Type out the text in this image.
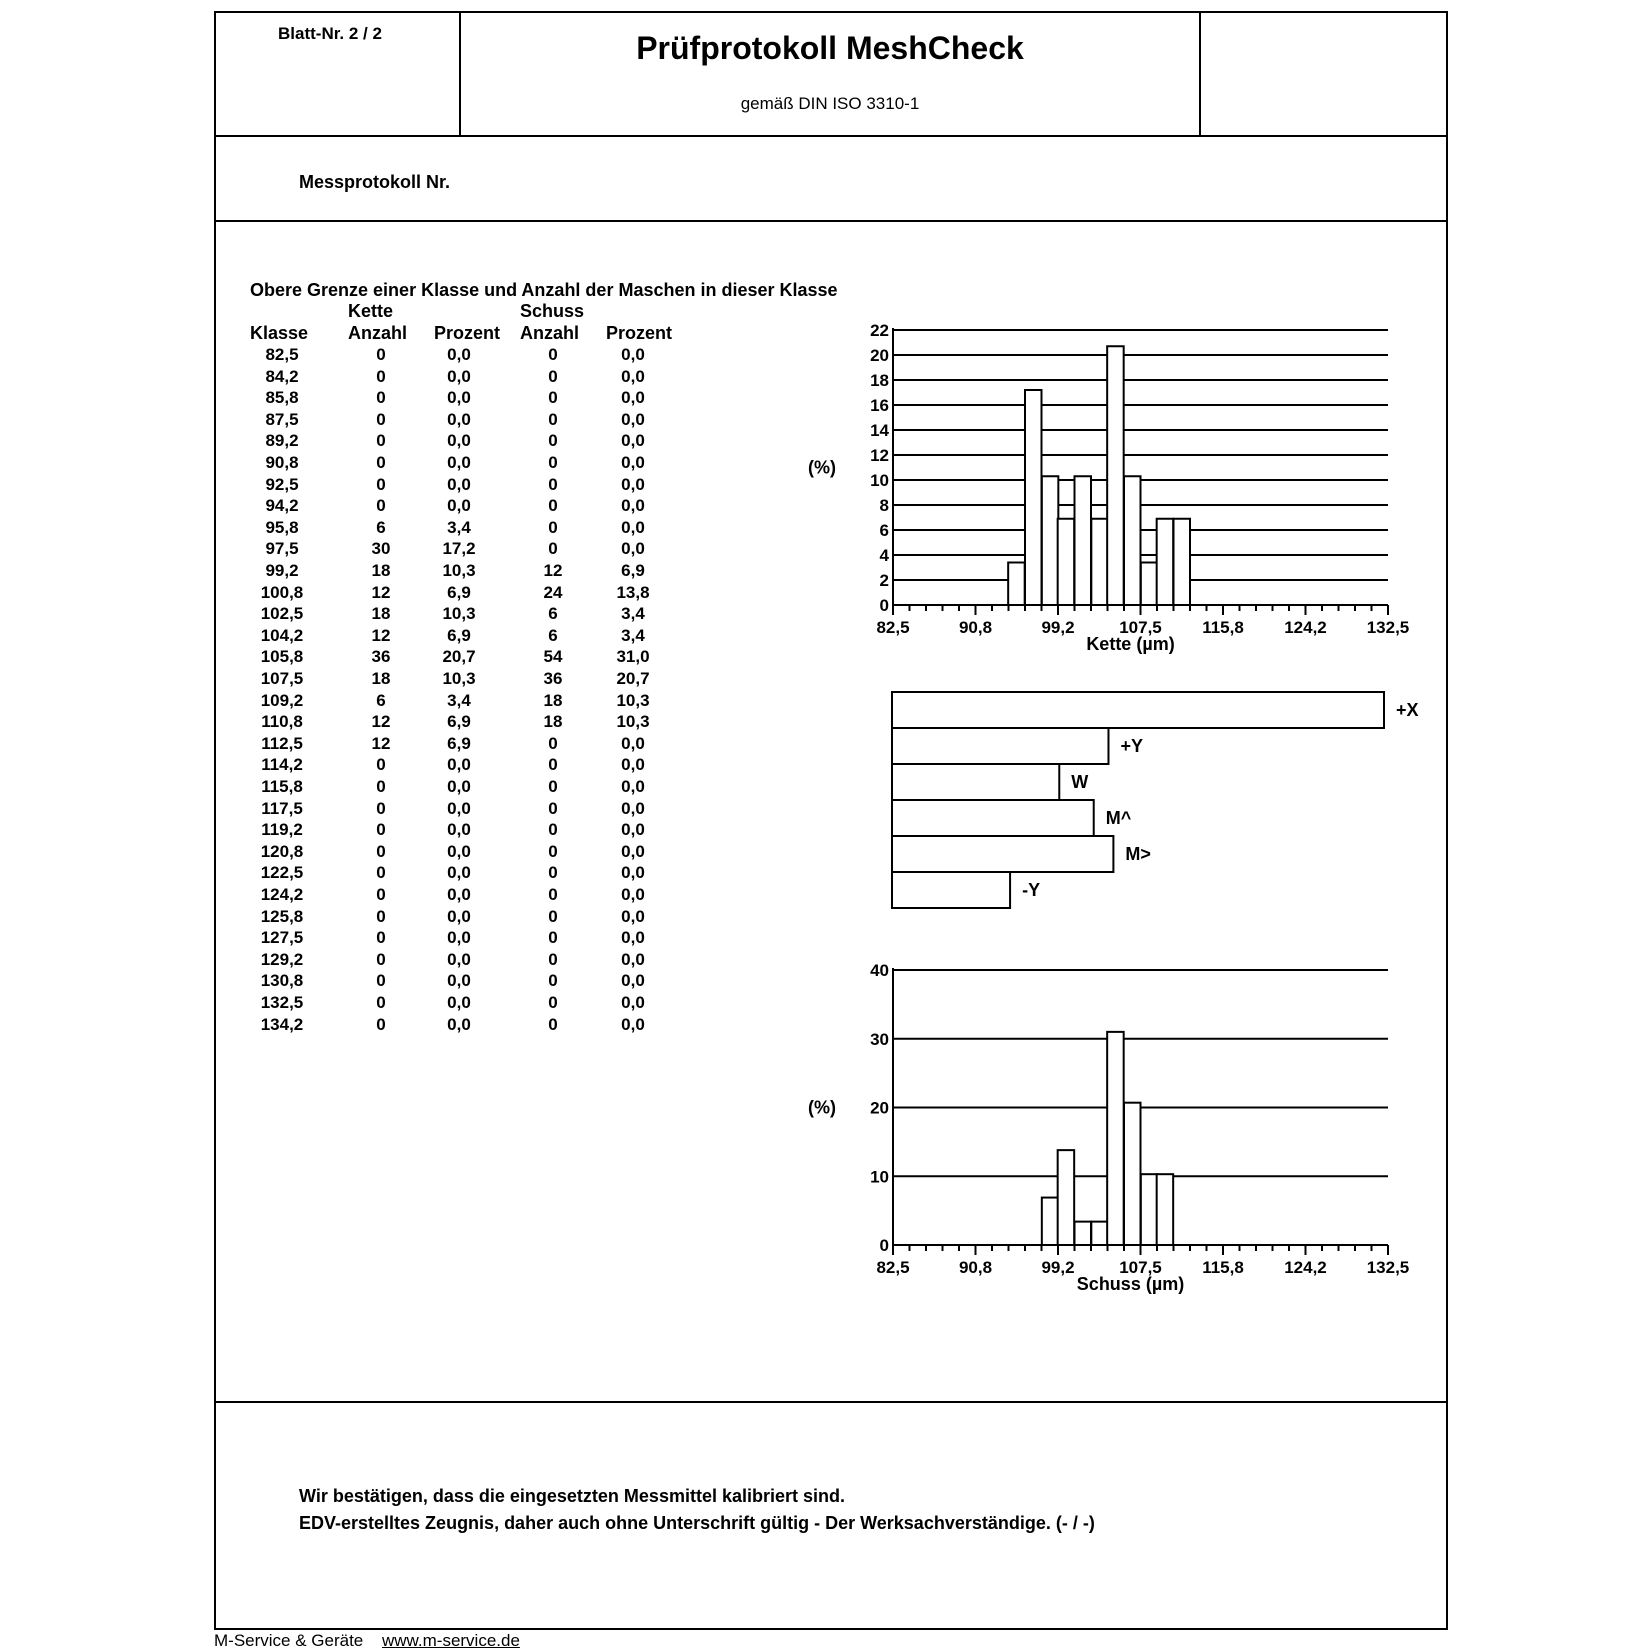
Blatt-Nr. 2 / 2	Prüfprotokoll MeshCheck
gemäß DIN ISO 3310-1
Messprotokoll Nr.
Obere Grenze einer Klasse und Anzahl der Maschen in dieser Klasse
Kette	Schuss
Klasse Anzahl Prozent Anzahl Prozent
82,5	0	0,0	0	0,0
84,2	0	0,0	0	0,0
85,8	0	0,0	0	0,0
87,5	0	0,0	0	0,0
89,2	0	0,0	0	0,0
90,8	0	0,0	0	0,0
92,5	0	0,0	0	0,0
94,2	0	0,0	0	0,0
95,8	6	3,4	0	0,0
97,5	30	17,2	0	0,0
99,2	18	10,3	12	6,9
100,8	12	6,9	24	13,8
102,5	18	10,3	6	3,4
104,2	12	6,9	6	3,4
105,8	36	20,7	54	31,0
107,5	18	10,3	36	20,7
109,2	6	3,4	18	10,3
110,8	12	6,9	18	10,3
112,5	12	6,9	0	0,0
114,2	0	0,0	0	0,0
115,8	0	0,0	0	0,0
117,5	0	0,0	0	0,0
119,2	0	0,0	0	0,0
120,8	0	0,0	0	0,0
122,5	0	0,0	0	0,0
124,2	0	0,0	0	0,0
125,8	0	0,0	0	0,0
127,5	0	0,0	0	0,0
129,2	0	0,0	0	0,0
130,8	0	0,0	0	0,0
132,5	0	0,0	0	0,0
134,2	0	0,0	0	0,0
0
2
4
6
8
10
12
14
16
18
20
22
82,5	90,8	99,2	107,5 115,8 124,2 132,5
Kette (µm)
(%)
+X
+Y
W
M^
M>
-Y
0
10
20
30
40
82,5	90,8	99,2	107,5 115,8 124,2 132,5
Schuss (µm)
(%)
Wir bestätigen, dass die eingesetzten Messmittel kalibriert sind.
EDV-erstelltes Zeugnis, daher auch ohne Unterschrift gültig - Der Werksachverständige. (- / -)
M-Service & Geräte www.m-service.de
